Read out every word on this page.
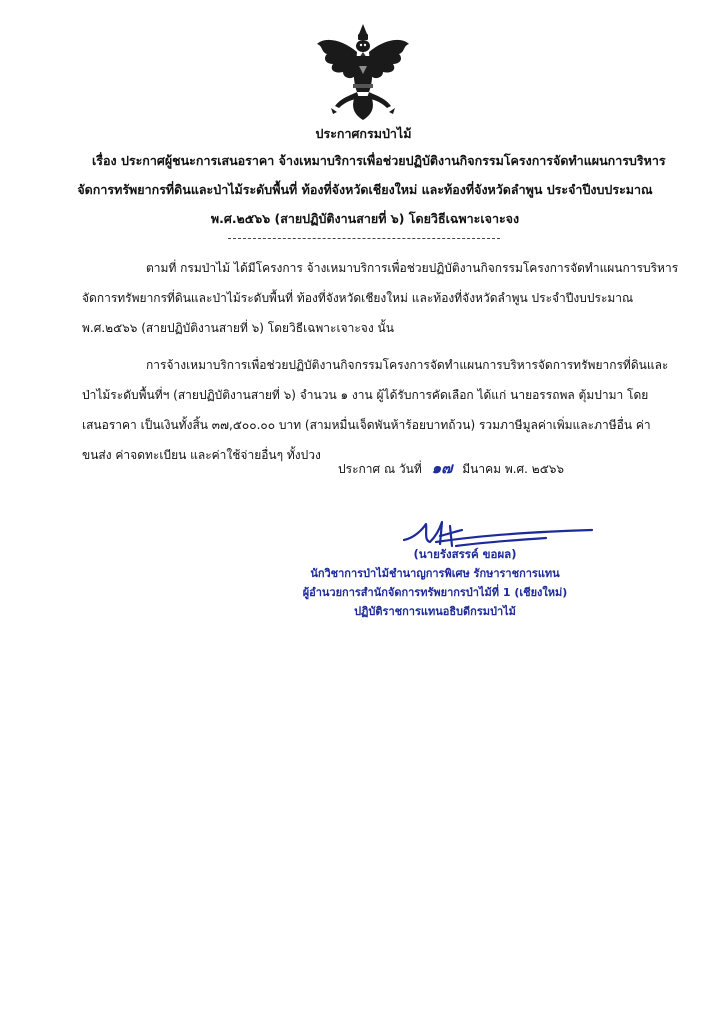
ประกาศกรมป่าไม้
เรื่อง ประกาศผู้ชนะการเสนอราคา จ้างเหมาบริการเพื่อช่วยปฏิบัติงานกิจกรรมโครงการจัดทำแผนการบริหาร
จัดการทรัพยากรที่ดินและป่าไม้ระดับพื้นที่ ท้องที่จังหวัดเชียงใหม่ และท้องที่จังหวัดลำพูน ประจำปีงบประมาณ
พ.ศ.๒๕๖๖ (สายปฏิบัติงานสายที่ ๖) โดยวิธีเฉพาะเจาะจง
ตามที่ กรมป่าไม้ ได้มีโครงการ จ้างเหมาบริการเพื่อช่วยปฏิบัติงานกิจกรรมโครงการจัดทำแผนการบริหาร
จัดการทรัพยากรที่ดินและป่าไม้ระดับพื้นที่ ท้องที่จังหวัดเชียงใหม่ และท้องที่จังหวัดลำพูน ประจำปีงบประมาณ
พ.ศ.๒๕๖๖ (สายปฏิบัติงานสายที่ ๖) โดยวิธีเฉพาะเจาะจง นั้น
การจ้างเหมาบริการเพื่อช่วยปฏิบัติงานกิจกรรมโครงการจัดทำแผนการบริหารจัดการทรัพยากรที่ดินและ
ป่าไม้ระดับพื้นที่ฯ (สายปฏิบัติงานสายที่ ๖) จำนวน ๑ งาน ผู้ได้รับการคัดเลือก ได้แก่ นายอรรถพล ตุ้มปามา โดย
เสนอราคา เป็นเงินทั้งสิ้น ๓๗,๕๐๐.๐๐ บาท (สามหมื่นเจ็ดพันห้าร้อยบาทถ้วน) รวมภาษีมูลค่าเพิ่มและภาษีอื่น ค่า
ขนส่ง ค่าจดทะเบียน และค่าใช้จ่ายอื่นๆ ทั้งปวง
ประกาศ ณ วันที่ ๑๗ มีนาคม พ.ศ. ๒๕๖๖
(นายรังสรรค์ ขอผล)
นักวิชาการป่าไม้ชำนาญการพิเศษ รักษาราชการแทน
ผู้อำนวยการสำนักจัดการทรัพยากรป่าไม้ที่ 1 (เชียงใหม่)
ปฏิบัติราชการแทนอธิบดีกรมป่าไม้
